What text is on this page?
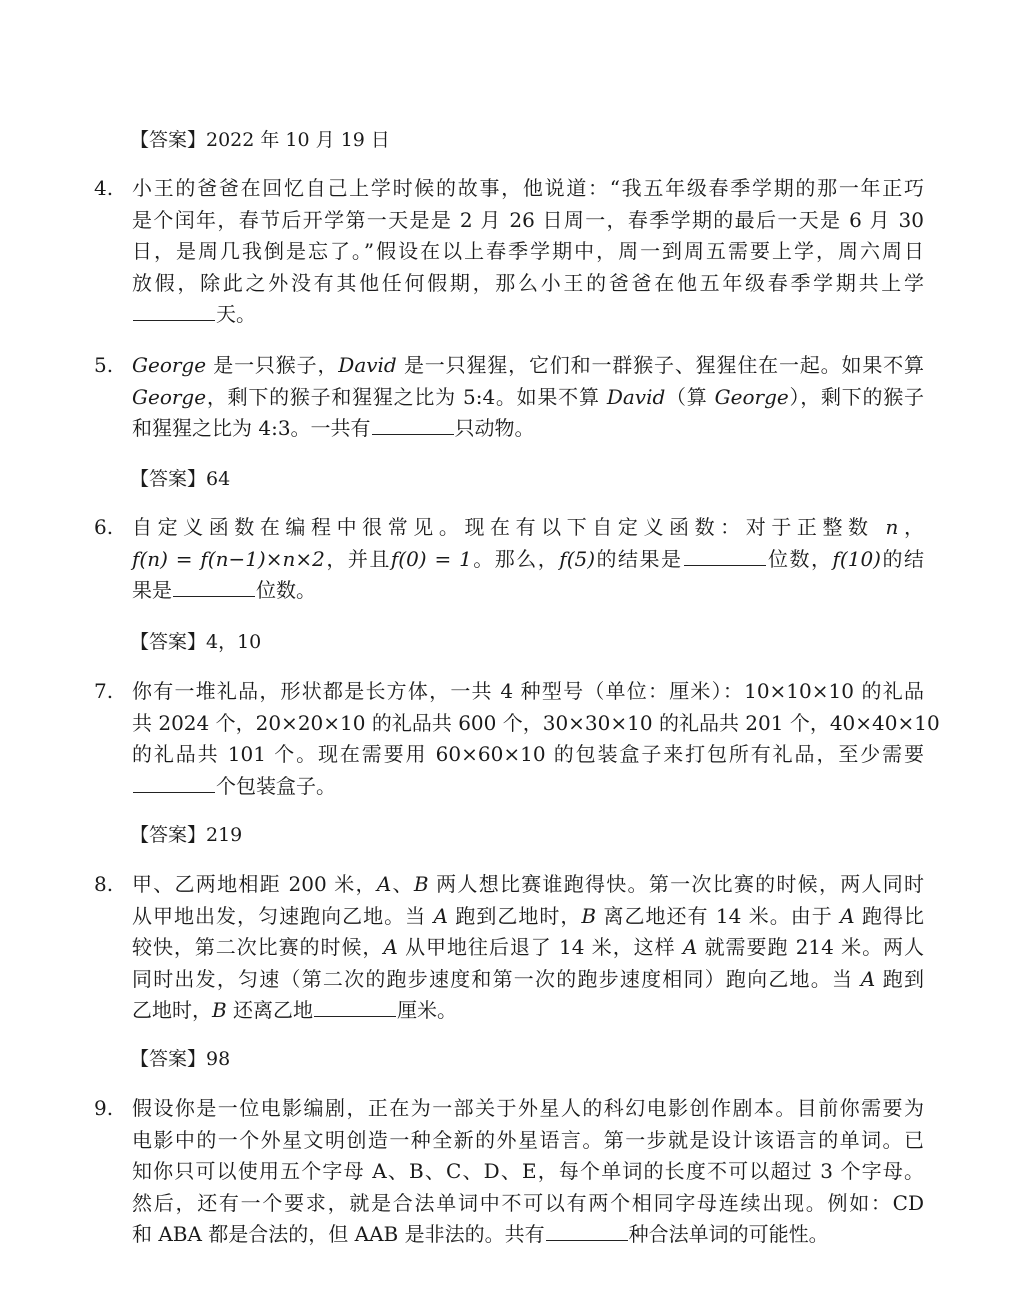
【答案】2022 年 10 月 19 日
4. 小王的爸爸在回忆自己上学时候的故事，他说道：“我五年级春季学期的那一年正巧
是个闰年，春节后开学第一天是是 2 月 26 日周一，春季学期的最后一天是 6 月 30
日，是周几我倒是忘了。”假设在以上春季学期中，周一到周五需要上学，周六周日
放假，除此之外没有其他任何假期，那么小王的爸爸在他五年级春季学期共上学
天。
5. George 是一只猴子，David 是一只猩猩，它们和一群猴子、猩猩住在一起。如果不算
George，剩下的猴子和猩猩之比为 5:4。如果不算 David（算 George），剩下的猴子
和猩猩之比为 4:3。一共有	只动物。
【答案】64
6. 自定义函数在编程中很常见。现在有以下自定义函数：对于正整数 n，
f(n) = f(n−1)×n×2，并且f(0) = 1。那么，f(5)的结果是	位数，f(10)的结
果是	位数。
【答案】4，10
7. 你有一堆礼品，形状都是长方体，一共 4 种型号（单位：厘米）：10×10×10 的礼品
共 2024 个，20×20×10 的礼品共 600 个，30×30×10 的礼品共 201 个，40×40×10
的礼品共 101 个。现在需要用 60×60×10 的包装盒子来打包所有礼品，至少需要
个包装盒子。
【答案】219
8. 甲、乙两地相距 200 米，A、B 两人想比赛谁跑得快。第一次比赛的时候，两人同时
从甲地出发，匀速跑向乙地。当 A 跑到乙地时，B 离乙地还有 14 米。由于 A 跑得比
较快，第二次比赛的时候，A 从甲地往后退了 14 米，这样 A 就需要跑 214 米。两人
同时出发，匀速（第二次的跑步速度和第一次的跑步速度相同）跑向乙地。当 A 跑到
乙地时，B 还离乙地	厘米。
【答案】98
9. 假设你是一位电影编剧，正在为一部关于外星人的科幻电影创作剧本。目前你需要为
电影中的一个外星文明创造一种全新的外星语言。第一步就是设计该语言的单词。已
知你只可以使用五个字母 A、B、C、D、E，每个单词的长度不可以超过 3 个字母。
然后，还有一个要求，就是合法单词中不可以有两个相同字母连续出现。例如：CD
和 ABA 都是合法的，但 AAB 是非法的。共有	种合法单词的可能性。
